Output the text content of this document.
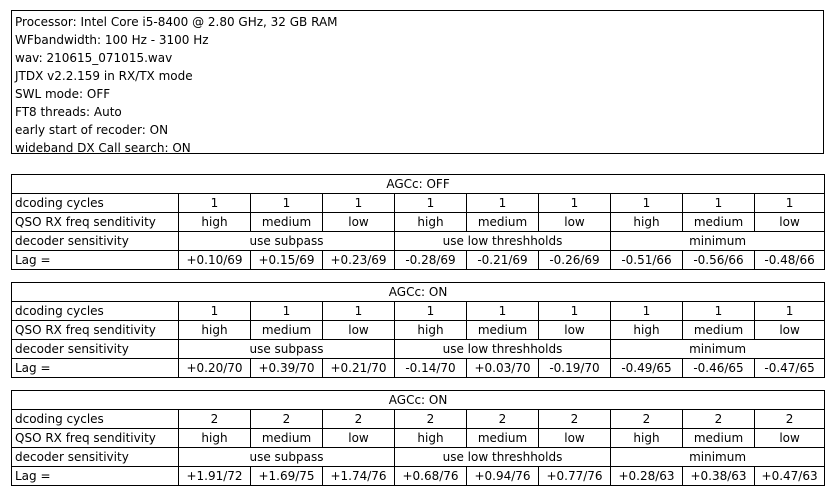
Processor: Intel Core i5-8400 @ 2.80 GHz, 32 GB RAM
WFbandwidth: 100 Hz - 3100 Hz
wav: 210615_071015.wav
JTDX v2.2.159 in RX/TX mode
SWL mode: OFF
FT8 threads: Auto
early start of recoder: ON
wideband DX Call search: ON
AGCc: OFF									
dcoding cycles	1	1	1	1	1	1	1	1	1
QSO RX freq senditivity	high	medium	low	high	medium	low	high	medium	low
decoder sensitivity	use subpass			use low threshholds			minimum		
Lag =	+0.10/69	+0.15/69	+0.23/69	-0.28/69	-0.21/69	-0.26/69	-0.51/66	-0.56/66	-0.48/66
AGCc: ON									
dcoding cycles	1	1	1	1	1	1	1	1	1
QSO RX freq senditivity	high	medium	low	high	medium	low	high	medium	low
decoder sensitivity	use subpass			use low threshholds			minimum		
Lag =	+0.20/70	+0.39/70	+0.21/70	-0.14/70	+0.03/70	-0.19/70	-0.49/65	-0.46/65	-0.47/65
AGCc: ON									
dcoding cycles	2	2	2	2	2	2	2	2	2
QSO RX freq senditivity	high	medium	low	high	medium	low	high	medium	low
decoder sensitivity	use subpass			use low threshholds			minimum		
Lag =	+1.91/72	+1.69/75	+1.74/76	+0.68/76	+0.94/76	+0.77/76	+0.28/63	+0.38/63	+0.47/63
